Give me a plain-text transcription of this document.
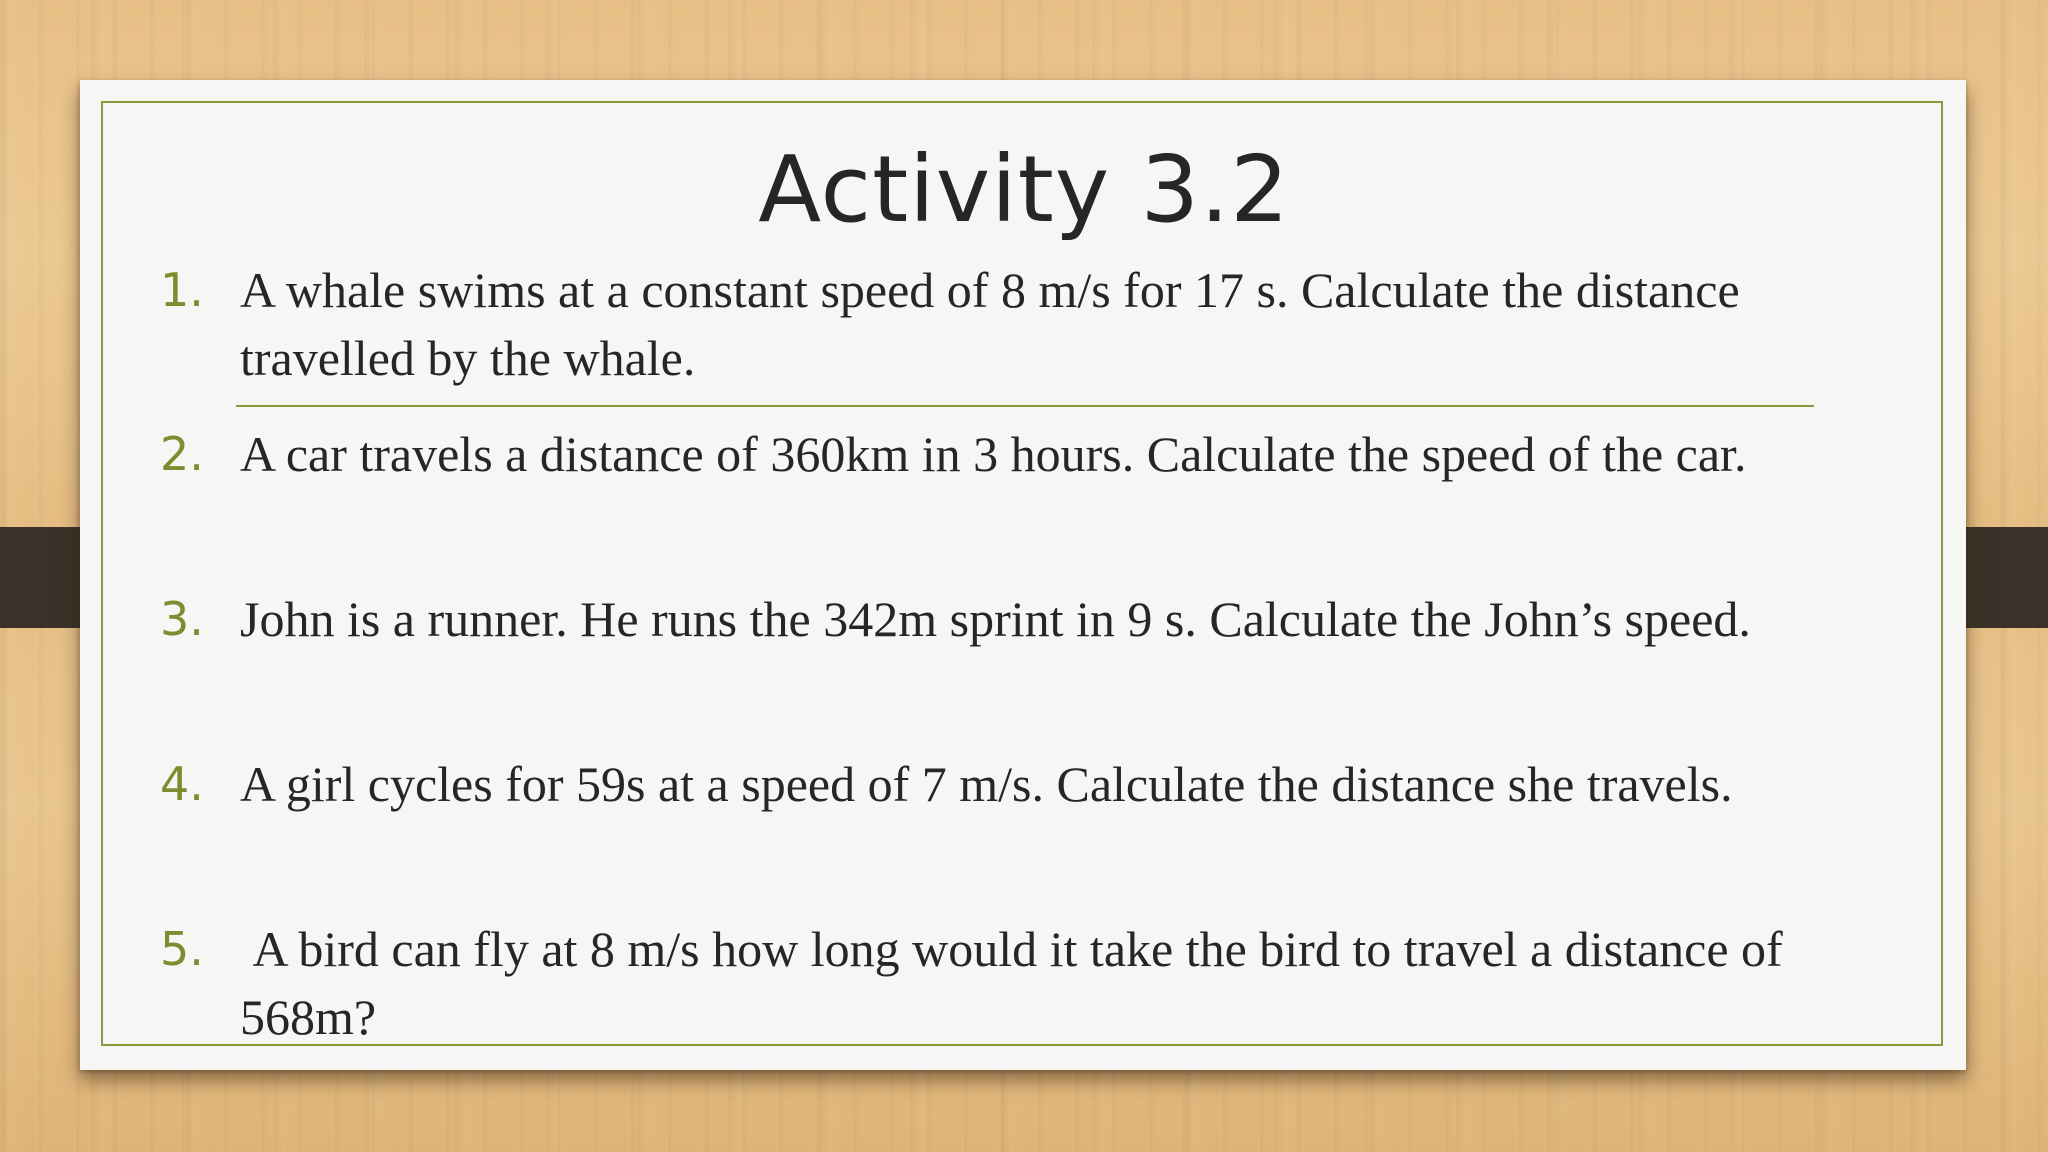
Activity 3.2
1. A whale swims at a constant speed of 8 m/s for 17 s. Calculate the distance travelled by the whale.
2. A car travels a distance of 360km in 3 hours. Calculate the speed of the car.
3. John is a runner. He runs the 342m sprint in 9 s. Calculate the John’s speed.
4. A girl cycles for 59s at a speed of 7 m/s. Calculate the distance she travels.
5. A bird can fly at 8 m/s how long would it take the bird to travel a distance of 568m?
